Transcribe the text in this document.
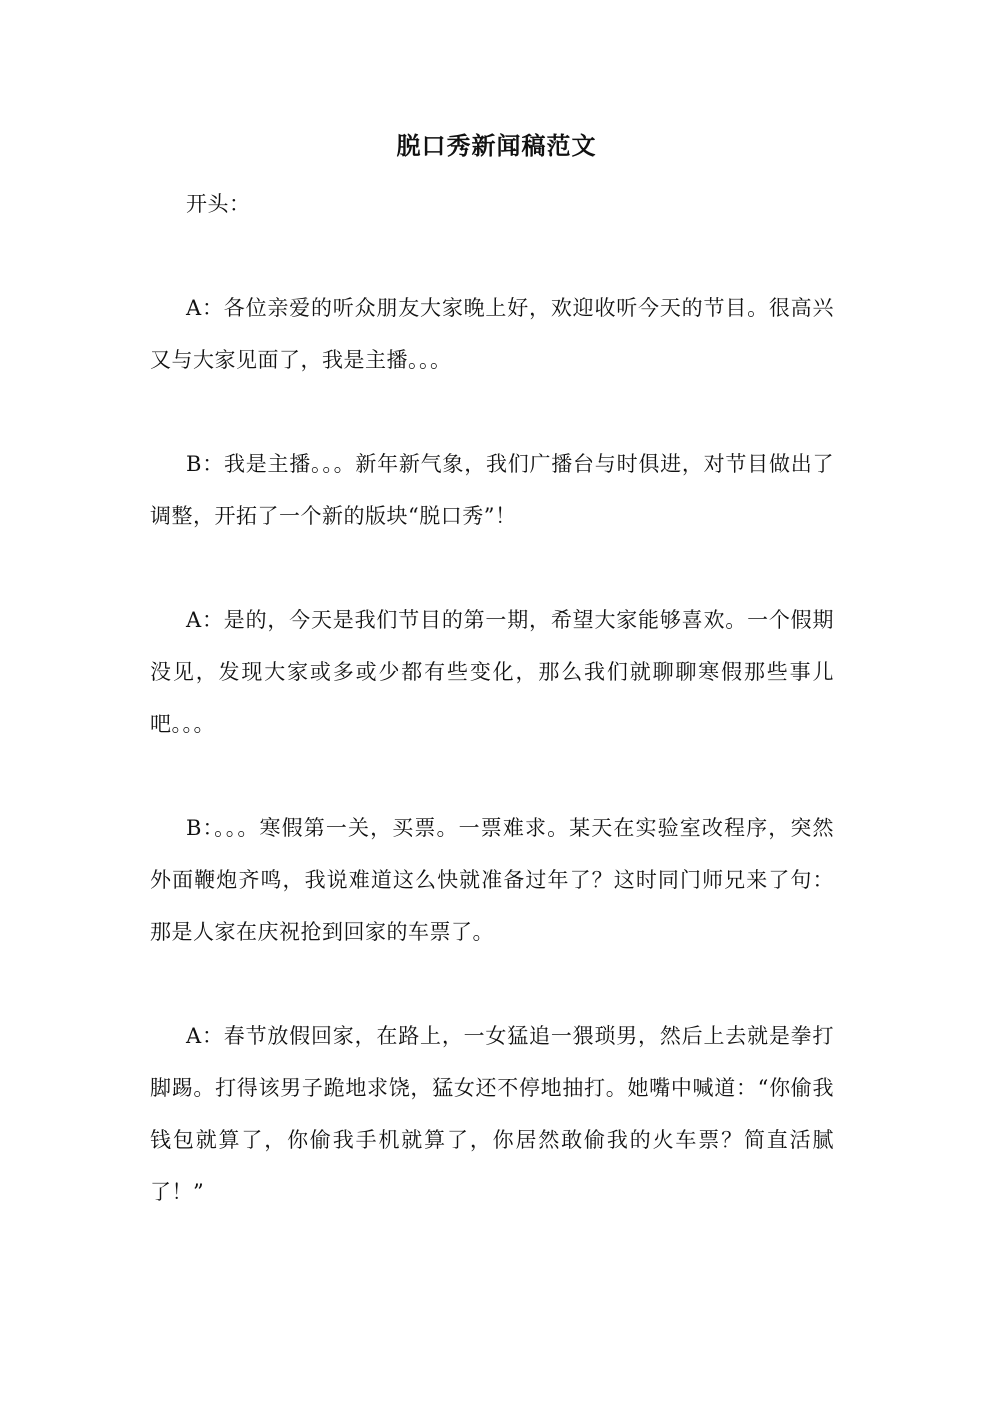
脱口秀新闻稿范文

开头：

A：各位亲爱的听众朋友大家晚上好，欢迎收听今天的节目。很高兴又与大家见面了，我是主播。。。

B：我是主播。。。新年新气象，我们广播台与时俱进，对节目做出了调整，开拓了一个新的版块“脱口秀”！

A：是的，今天是我们节目的第一期，希望大家能够喜欢。一个假期没见，发现大家或多或少都有些变化，那么我们就聊聊寒假那些事儿吧。。。

B：。。。寒假第一关，买票。一票难求。某天在实验室改程序，突然外面鞭炮齐鸣，我说难道这么快就准备过年了？这时同门师兄来了句：那是人家在庆祝抢到回家的车票了。

A：春节放假回家，在路上，一女猛追一猥琐男，然后上去就是拳打脚踢。打得该男子跪地求饶，猛女还不停地抽打。她嘴中喊道：“你偷我钱包就算了，你偷我手机就算了，你居然敢偷我的火车票？简直活腻了！”
